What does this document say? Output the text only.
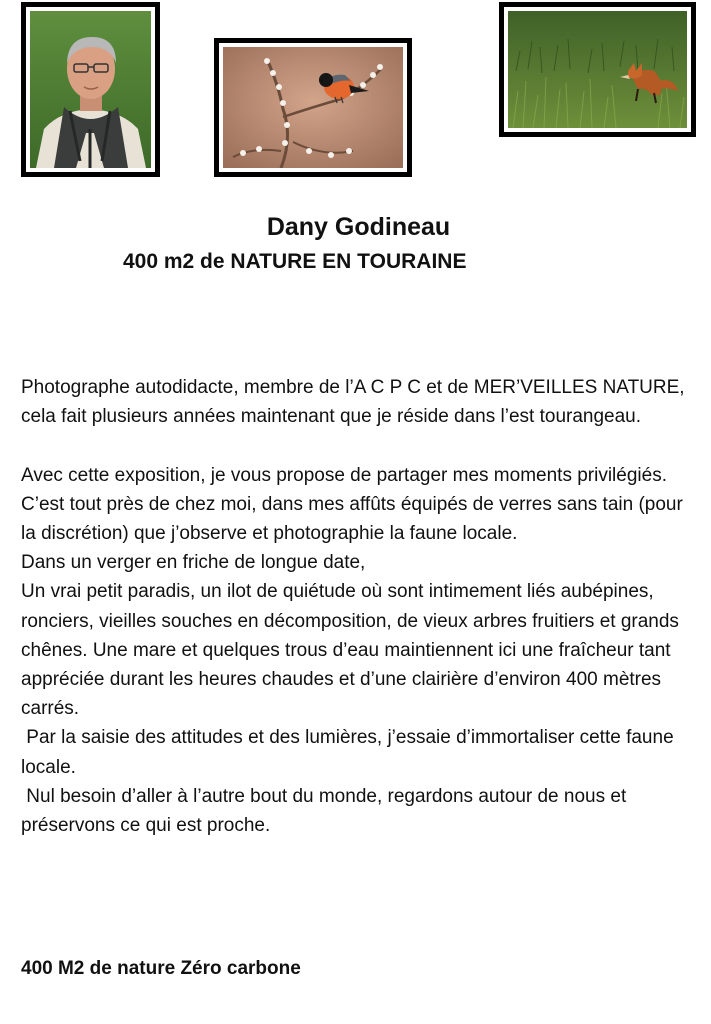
Dany Godineau
400 m2 de NATURE EN TOURAINE

Photographe autodidacte, membre de l’A C P C et de MER’VEILLES NATURE, cela fait plusieurs années maintenant que je réside dans l’est tourangeau.

Avec cette exposition, je vous propose de partager mes moments privilégiés.

C’est tout près de chez moi, dans mes affûts équipés de verres sans tain (pour la discrétion) que j’observe et photographie la faune locale.

Dans un verger en friche de longue date,

Un vrai petit paradis, un ilot de quiétude où sont intimement liés aubépines, ronciers, vieilles souches en décomposition, de vieux arbres fruitiers et grands chênes. Une mare et quelques trous d’eau maintiennent ici une fraîcheur tant appréciée durant les heures chaudes et d’une clairière d’environ 400 mètres carrés.

Par la saisie des attitudes et des lumières, j’essaie d’immortaliser cette faune locale.

Nul besoin d’aller à l’autre bout du monde, regardons autour de nous et préservons ce qui est proche.

400 M2 de nature Zéro carbone
